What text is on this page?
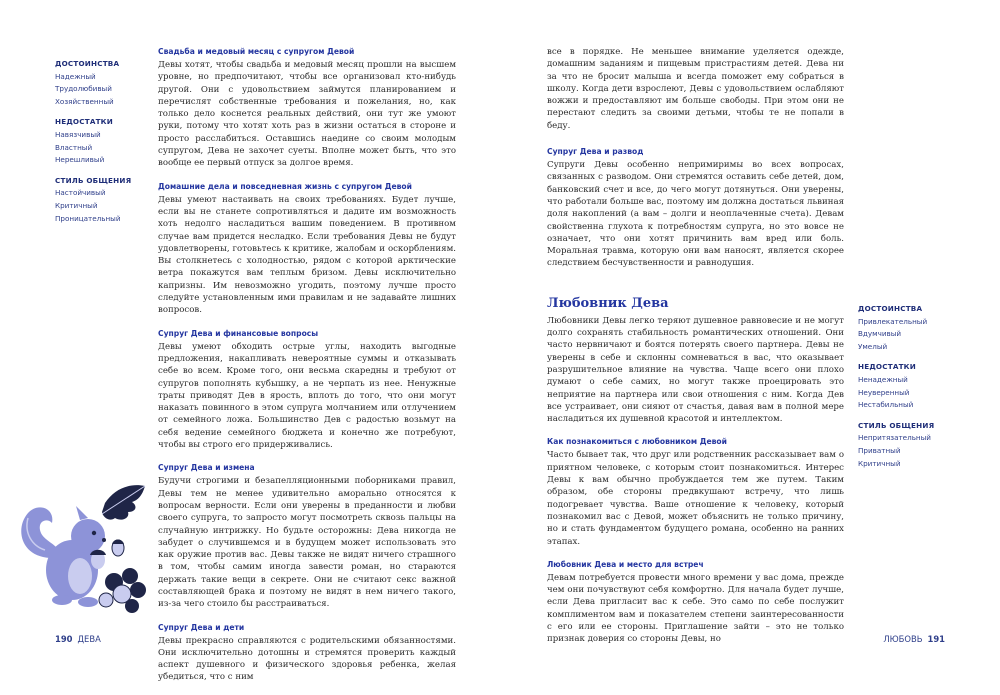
ДОСТОИНСТВА
Надежный
Трудолюбивый
Хозяйственный
НЕДОСТАТКИ
Навязчивый
Властный
Нерешливый
СТИЛЬ ОБЩЕНИЯ
Настойчивый
Критичный
Проницательный
Свадьба и медовый месяц с супругом Девой

Девы хотят, чтобы свадьба и медовый месяц прошли на высшем уровне, но предпочитают, чтобы все организовал кто-нибудь другой. Они с удовольствием займутся планированием и перечислят собственные требования и пожелания, но, как только дело коснется реальных действий, они тут же умоют руки, потому что хотят хоть раз в жизни остаться в стороне и просто расслабиться. Оставшись наедине со своим молодым супругом, Дева не захочет суеты. Вполне может быть, что это вообще ее первый отпуск за долгое время.

Домашние дела и повседневная жизнь с супругом Девой

Девы умеют настаивать на своих требованиях. Будет лучше, если вы не станете сопротивляться и дадите им возможность хоть недолго насладиться вашим поведением. В противном случае вам придется несладко. Если требования Девы не будут удовлетворены, готовьтесь к критике, жалобам и оскорблениям. Вы столкнетесь с холодностью, рядом с которой арктические ветра покажутся вам теплым бризом. Девы исключительно капризны. Им невозможно угодить, поэтому лучше просто следуйте установленным ими правилам и не задавайте лишних вопросов.

Супруг Дева и финансовые вопросы

Девы умеют обходить острые углы, находить выгодные предложения, накапливать невероятные суммы и отказывать себе во всем. Кроме того, они весьма скаредны и требуют от супругов пополнять кубышку, а не черпать из нее. Ненужные траты приводят Дев в ярость, вплоть до того, что они могут наказать повинного в этом супруга молчанием или отлучением от семейного ложа. Большинство Дев с радостью возьмут на себя ведение семейного бюджета и конечно же потребуют, чтобы вы строго его придерживались.

Супруг Дева и измена

Будучи строгими и безапелляционными поборниками правил, Девы тем не менее удивительно аморально относятся к вопросам верности. Если они уверены в преданности и любви своего супруга, то запросто могут посмотреть сквозь пальцы на случайную интрижку. Но будьте осторожны: Дева никогда не забудет о случившемся и в будущем может использовать это как оружие против вас. Девы также не видят ничего страшного в том, чтобы самим иногда завести роман, но стараются держать такие вещи в секрете. Они не считают секс важной составляющей брака и поэтому не видят в нем ничего такого, из-за чего стоило бы расстраиваться.

Супруг Дева и дети

Девы прекрасно справляются с родительскими обязанностями. Они исключительно дотошны и стремятся проверить каждый аспект душевного и физического здоровья ребенка, желая убедиться, что с ним

190 ДЕВА

все в порядке. Не меньшее внимание уделяется одежде, домашним заданиям и пищевым пристрастиям детей. Дева ни за что не бросит малыша и всегда поможет ему собраться в школу. Когда дети взрослеют, Девы с удовольствием ослабляют вожжи и предоставляют им больше свободы. При этом они не перестают следить за своими детьми, чтобы те не попали в беду.

Супруг Дева и развод

Супруги Девы особенно непримиримы во всех вопросах, связанных с разводом. Они стремятся оставить себе детей, дом, банковский счет и все, до чего могут дотянуться. Они уверены, что работали больше вас, поэтому им должна достаться львиная доля накоплений (а вам – долги и неоплаченные счета). Девам свойственна глухота к потребностям супруга, но это вовсе не означает, что они хотят причинить вам вред или боль. Моральная травма, которую они вам наносят, является скорее следствием бесчувственности и равнодушия.

Любовник Дева

Любовники Девы легко теряют душевное равновесие и не могут долго сохранять стабильность романтических отношений. Они часто нервничают и боятся потерять своего партнера. Девы не уверены в себе и склонны сомневаться в вас, что оказывает разрушительное влияние на чувства. Чаще всего они плохо думают о себе самих, но могут также проецировать это неприятие на партнера или свои отношения с ним. Когда Дев все устраивает, они сияют от счастья, давая вам в полной мере насладиться их душевной красотой и интеллектом.

Как познакомиться с любовником Девой

Часто бывает так, что друг или родственник рассказывает вам о приятном человеке, с которым стоит познакомиться. Интерес Девы к вам обычно пробуждается тем же путем. Таким образом, обе стороны предвкушают встречу, что лишь подогревает чувства. Ваше отношение к человеку, который познакомил вас с Девой, может объяснить не только причину, но и стать фундаментом будущего романа, особенно на ранних этапах.

Любовник Дева и место для встреч

Девам потребуется провести много времени у вас дома, прежде чем они почувствуют себя комфортно. Для начала будет лучше, если Дева пригласит вас к себе. Это само по себе послужит комплиментом вам и показателем степени заинтересованности с его или ее стороны. Приглашение зайти – это не только признак доверия со стороны Девы, но

ДОСТОИНСТВА
Привлекательный
Вдумчивый
Умелый
НЕДОСТАТКИ
Ненадежный
Неуверенный
Нестабильный
СТИЛЬ ОБЩЕНИЯ
Непритязательный
Приватный
Критичный
ЛЮБОВЬ 191
